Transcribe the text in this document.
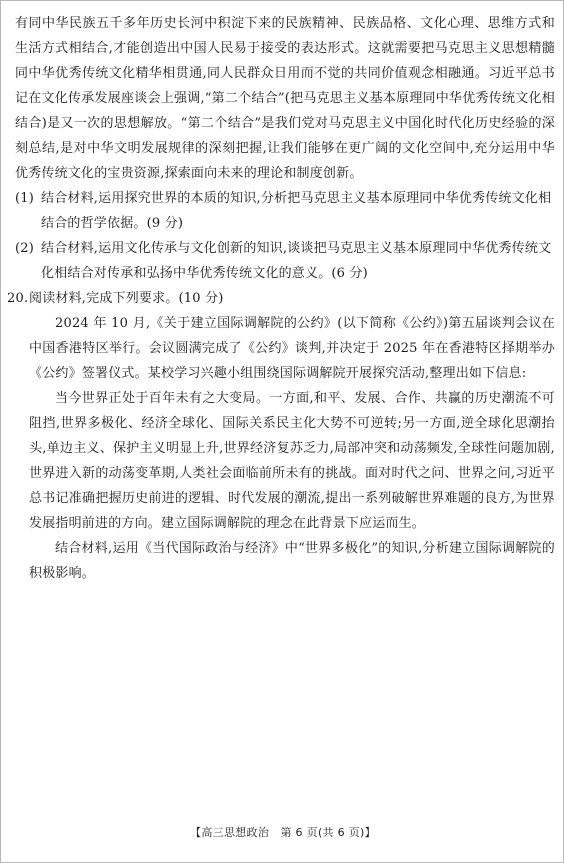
有同中华民族五千多年历史长河中积淀下来的民族精神、民族品格、文化心理、思维方式和生活方式相结合,才能创造出中国人民易于接受的表达形式。这就需要把马克思主义思想精髓同中华优秀传统文化精华相贯通,同人民群众日用而不觉的共同价值观念相融通。习近平总书记在文化传承发展座谈会上强调,“第二个结合”(把马克思主义基本原理同中华优秀传统文化相结合)是又一次的思想解放。“第二个结合”是我们党对马克思主义中国化时代化历史经验的深刻总结,是对中华文明发展规律的深刻把握,让我们能够在更广阔的文化空间中,充分运用中华优秀传统文化的宝贵资源,探索面向未来的理论和制度创新。

(1) 结合材料,运用探究世界的本质的知识,分析把马克思主义基本原理同中华优秀传统文化相结合的哲学依据。(9 分)

(2) 结合材料,运用文化传承与文化创新的知识,谈谈把马克思主义基本原理同中华优秀传统文化相结合对传承和弘扬中华优秀传统文化的意义。(6 分)

20. 阅读材料,完成下列要求。(10 分)

2024 年 10 月,《关于建立国际调解院的公约》(以下简称《公约》)第五届谈判会议在中国香港特区举行。会议圆满完成了《公约》谈判,并决定于 2025 年在香港特区择期举办《公约》签署仪式。某校学习兴趣小组围绕国际调解院开展探究活动,整理出如下信息:

当今世界正处于百年未有之大变局。一方面,和平、发展、合作、共赢的历史潮流不可阻挡,世界多极化、经济全球化、国际关系民主化大势不可逆转;另一方面,逆全球化思潮抬头,单边主义、保护主义明显上升,世界经济复苏乏力,局部冲突和动荡频发,全球性问题加剧,世界进入新的动荡变革期,人类社会面临前所未有的挑战。面对时代之问、世界之问,习近平总书记准确把握历史前进的逻辑、时代发展的潮流,提出一系列破解世界难题的良方,为世界发展指明前进的方向。建立国际调解院的理念在此背景下应运而生。

结合材料,运用《当代国际政治与经济》中“世界多极化”的知识,分析建立国际调解院的积极影响。

【高三思想政治　第 6 页(共 6 页)】
